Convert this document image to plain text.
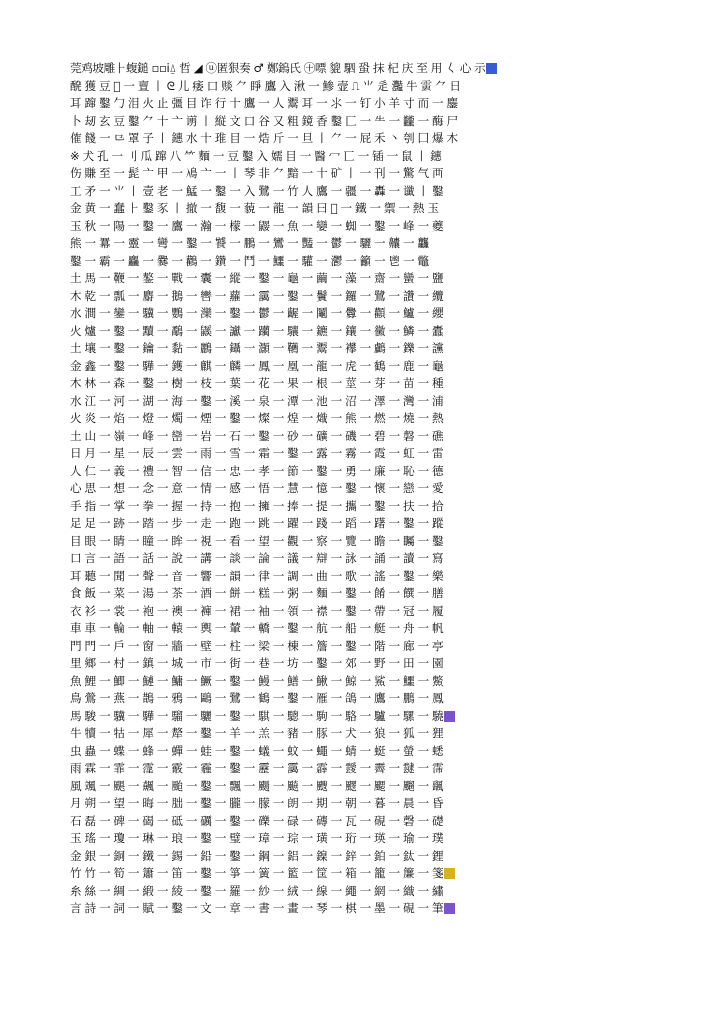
莞鸡坡雕⺊蝮鎚 ▫▫ⅰ⍙ 哲 ◢ ⓤ匿狠奏 ♂ 鄭鎢⽒ ㊉嘌 貔 駟 蛩 抹 杞 庆 ⾄ ⽤ 𡿨 ⼼ ⽰
醗 獲 ⾖ 𪱌 ⼀ 亶 ⼁ ᘓ ⼉ 痿 ⼝ 赕 ⺈ 睜 鷹 ⼊ 湫 ⼀ 鯵 壸 ⎍ ⺌ ⾡ 灩 ⽜ 𩃘 ⺈ ⽇
⽿ 蹿 鑿 ⼓ 泪 ⽕ ⽌ 彊 ⽬ 诈 ⾏ ⼗ 鷹 ⼀ ⼈ 鬻 ⽿ ⼀ ⺢ ⼀ 钉 ⼩ ⽺ ⼨ ⽽ ⼀ 鏖
⼘ 刼 ⽞ ⾖ 鑿 ⺈ ⼗ ⼇ 谫 ⼁ 縦 ⽂ ⼝ ⾕ ⼜ 粗 鏡 ⾹ 鑿 ⼕ ⼀ ⺧ ⼀ 龖 ⼀ 酶 ⼫
傕 餞 ⼀ ⺋ 罩 ⼦ ⼁ 鏸 ⽔ ⼗ 琟 ⽬ ⼀ 焅 ⽄ ⼀ 旦 ⼁ ⺈ ⼀ 屁 ⽲ ⼂ 刳 ⼞ 爆 ⽊
※ ⽝ 孔 ⼀ 刂 ⽠ 蹿 ⼋ ⺮ 麵 ⼀ ⾖ 鑿 ⼊ 嬬 ⽬ ⼀ 醫 ⼍ ⼖ ⼀ 锸 ⼀ 鼠 ⼁ 鏸
伤 賺 ⾄ ⼀ 髭 ⼇ 甲 ⼀ 鳰 ⼇ ⼀ ⼁ 琴 ⾮ ⺈ 黯 ⼀ ⼗ 矿 ⼁ ⼀ 刊 ⼀ 驚 ⽓ ⾑
⼯ ⽭ ⼀ ⺌ ⼁ 壹 ⽼ ⼀ 鯭 ⼀ 鑿 ⼀ ⼊ 鷺 ⼀ ⽵ ⼈ 鷹 ⼀ 疆 ⼀ 轟 ⼀ 谶 ⼁ 鑿
⾦ 黄 ⼀ 蠢 ⺊ 鑿 ⾗ ⼁ 撤 ⼀ 馥 ⼀ 藐 ⼀ 龍 ⼀ 韻 ⽈ 𫝀 ⼀ 鐵 ⼀ 禦 ⼀ 熱 ⽟
⽟ 秋 ⼀ 陽 ⼀ 鑿 ⼀ 鷹 ⼀ 瀚 ⼀ 檬 ⼀ 鼹 ⼀ 魚 ⼀ 孌 ⼀ 蜘 ⼀ 鑿 ⼀ 峰 ⼀ 夔
熊 ⼀ 羃 ⼀ 靈 ⼀ 彎 ⼀ 鑿 ⼀ 饕 ⼀ 鵬 ⼀ 鸞 ⼀ 豔 ⼀ 鬱 ⼀ 驪 ⼀ 齉 ⼀ 龘
鑿 ⼀ 霸 ⼀ 麤 ⼀ 爨 ⼀ 鸛 ⼀ 鑽 ⼀ 鬥 ⼀ 鱷 ⼀ 驩 ⼀ 灪 ⼀ 籲 ⼀ 鬯 ⼀ 鼈
⼟ 馬 ⼀ 鞭 ⼀ 鏊 ⼀ 戰 ⼀ 囊 ⼀ 縱 ⼀ 鑿 ⼀ 龜 ⼀ 繭 ⼀ 藻 ⼀ 齋 ⼀ 蠻 ⼀ 鹽
⽊ 乾 ⼀ 瓢 ⼀ 麝 ⼀ 鵝 ⼀ 轡 ⼀ 蘿 ⼀ 靄 ⼀ 鑿 ⼀ 鬢 ⼀ 鑼 ⼀ 鷺 ⼀ 讚 ⼀ 纜
⽔ 澗 ⼀ 鑾 ⼀ 驥 ⼀ 鸚 ⼀ 灤 ⼀ 鑿 ⼀ 鬱 ⼀ 齷 ⼀ 鬮 ⼀ 釁 ⼀ 顴 ⼀ 鱸 ⼀ 纓
⽕ 爐 ⼀ 鑿 ⼀ 黷 ⼀ 鷸 ⼀ 鼷 ⼀ 讞 ⼀ 躪 ⼀ 驤 ⼀ 鑣 ⼀ 鑲 ⼀ 黴 ⼀ 鱗 ⼀ 蠹
⼟ 壤 ⼀ 鑿 ⼀ 鑰 ⼀ 黏 ⼀ 鸝 ⼀ 鑷 ⼀ 灝 ⼀ 韉 ⼀ 鬻 ⼀ 襻 ⼀ 鸕 ⼀ 鑠 ⼀ 讜
⾦ 鑫 ⼀ 鑿 ⼀ 驊 ⼀ 鑊 ⼀ 麒 ⼀ 麟 ⼀ 鳳 ⼀ 凰 ⼀ 龍 ⼀ 虎 ⼀ 鶴 ⼀ 鹿 ⼀ 龜
⽊ 林 ⼀ 森 ⼀ 鑿 ⼀ 樹 ⼀ 枝 ⼀ 葉 ⼀ 花 ⼀ 果 ⼀ 根 ⼀ 莖 ⼀ 芽 ⼀ 苗 ⼀ 種
⽔ 江 ⼀ 河 ⼀ 湖 ⼀ 海 ⼀ 鑿 ⼀ 溪 ⼀ 泉 ⼀ 潭 ⼀ 池 ⼀ 沼 ⼀ 澤 ⼀ 灣 ⼀ 浦
⽕ 炎 ⼀ 焰 ⼀ 燈 ⼀ 燭 ⼀ 煙 ⼀ 鑿 ⼀ 燦 ⼀ 煌 ⼀ 熾 ⼀ 熊 ⼀ 燃 ⼀ 燒 ⼀ 熱
⼟ 山 ⼀ 嶺 ⼀ 峰 ⼀ 巒 ⼀ 岩 ⼀ 石 ⼀ 鑿 ⼀ 砂 ⼀ 礦 ⼀ 磯 ⼀ 碧 ⼀ 磐 ⼀ 礁
⽇ 月 ⼀ 星 ⼀ 辰 ⼀ 雲 ⼀ 雨 ⼀ 雪 ⼀ 霜 ⼀ 鑿 ⼀ 露 ⼀ 霧 ⼀ 霞 ⼀ 虹 ⼀ 雷
⼈ 仁 ⼀ 義 ⼀ 禮 ⼀ 智 ⼀ 信 ⼀ 忠 ⼀ 孝 ⼀ 節 ⼀ 鑿 ⼀ 勇 ⼀ 廉 ⼀ 恥 ⼀ 德
⼼ 思 ⼀ 想 ⼀ 念 ⼀ 意 ⼀ 情 ⼀ 感 ⼀ 悟 ⼀ 慧 ⼀ 憶 ⼀ 鑿 ⼀ 懷 ⼀ 戀 ⼀ 愛
⼿ 指 ⼀ 掌 ⼀ 拳 ⼀ 握 ⼀ 持 ⼀ 抱 ⼀ 擁 ⼀ 捧 ⼀ 提 ⼀ 攜 ⼀ 鑿 ⼀ 扶 ⼀ 拾
⾜ 足 ⼀ 跡 ⼀ 踏 ⼀ 步 ⼀ 走 ⼀ 跑 ⼀ 跳 ⼀ 躍 ⼀ 踐 ⼀ 蹈 ⼀ 躇 ⼀ 鑿 ⼀ 蹤
⽬ 眼 ⼀ 睛 ⼀ 瞳 ⼀ 眸 ⼀ 視 ⼀ 看 ⼀ 望 ⼀ 觀 ⼀ 察 ⼀ 覽 ⼀ 瞻 ⼀ 矚 ⼀ 鑿
⼝ 言 ⼀ 語 ⼀ 話 ⼀ 說 ⼀ 講 ⼀ 談 ⼀ 論 ⼀ 議 ⼀ 辯 ⼀ 詠 ⼀ 誦 ⼀ 讀 ⼀ 寫
⽿ 聽 ⼀ 聞 ⼀ 聲 ⼀ 音 ⼀ 響 ⼀ 韻 ⼀ 律 ⼀ 調 ⼀ 曲 ⼀ 歌 ⼀ 謠 ⼀ 鑿 ⼀ 樂
⾷ 飯 ⼀ 菜 ⼀ 湯 ⼀ 茶 ⼀ 酒 ⼀ 餅 ⼀ 糕 ⼀ 粥 ⼀ 麵 ⼀ 鑿 ⼀ 餚 ⼀ 饌 ⼀ 膳
⾐ 衫 ⼀ 裳 ⼀ 袍 ⼀ 襖 ⼀ 褲 ⼀ 裙 ⼀ 袖 ⼀ 領 ⼀ 襟 ⼀ 鑿 ⼀ 帶 ⼀ 冠 ⼀ 履
⾞ 車 ⼀ 輪 ⼀ 軸 ⼀ 轅 ⼀ 輿 ⼀ 輦 ⼀ 轎 ⼀ 鑿 ⼀ 航 ⼀ 船 ⼀ 艇 ⼀ 舟 ⼀ 帆
⾨ 門 ⼀ 戶 ⼀ 窗 ⼀ 牆 ⼀ 壁 ⼀ 柱 ⼀ 梁 ⼀ 棟 ⼀ 簷 ⼀ 鑿 ⼀ 階 ⼀ 廊 ⼀ 亭
⾥ 鄉 ⼀ 村 ⼀ 鎮 ⼀ 城 ⼀ 市 ⼀ 街 ⼀ 巷 ⼀ 坊 ⼀ 鑿 ⼀ 郊 ⼀ 野 ⼀ 田 ⼀ 園
⿂ 鯉 ⼀ 鯽 ⼀ 鰱 ⼀ 鱅 ⼀ 鱖 ⼀ 鑿 ⼀ 鰻 ⼀ 鱔 ⼀ 鰍 ⼀ 鯨 ⼀ 鯊 ⼀ 鱷 ⼀ 鱉
⿃ 鶯 ⼀ 燕 ⼀ 鵲 ⼀ 鴉 ⼀ 鷗 ⼀ 鷺 ⼀ 鶴 ⼀ 鑿 ⼀ 雁 ⼀ 鴿 ⼀ 鷹 ⼀ 鵬 ⼀ 鳳
⾺ 駿 ⼀ 驥 ⼀ 驊 ⼀ 騮 ⼀ 驪 ⼀ 鑿 ⼀ 騏 ⼀ 驄 ⼀ 駒 ⼀ 駱 ⼀ 驢 ⼀ 騾 ⼀ 驍
⽜ 犢 ⼀ 牯 ⼀ 犀 ⼀ 犛 ⼀ 鑿 ⼀ 羊 ⼀ 羔 ⼀ 豬 ⼀ 豚 ⼀ 犬 ⼀ 狼 ⼀ 狐 ⼀ 狸
⾍ 蟲 ⼀ 蝶 ⼀ 蜂 ⼀ 蟬 ⼀ 蛙 ⼀ 鑿 ⼀ 蟻 ⼀ 蚊 ⼀ 蠅 ⼀ 蜻 ⼀ 蜓 ⼀ 螢 ⼀ 蟋
⾬ 霖 ⼀ 霏 ⼀ 霪 ⼀ 霰 ⼀ 霾 ⼀ 鑿 ⼀ 靂 ⼀ 靄 ⼀ 霹 ⼀ 靉 ⼀ 霽 ⼀ 靆 ⼀ 霈
⾵ 颯 ⼀ 颶 ⼀ 飆 ⼀ 颱 ⼀ 鑿 ⼀ 飄 ⼀ 颺 ⼀ 飈 ⼀ 颼 ⼀ 飂 ⼀ 颸 ⼀ 飀 ⼀ 颻
⽉ 朔 ⼀ 望 ⼀ 晦 ⼀ 朏 ⼀ 鑿 ⼀ 朧 ⼀ 朦 ⼀ 朗 ⼀ 期 ⼀ 朝 ⼀ 暮 ⼀ 晨 ⼀ 昏
⽯ 磊 ⼀ 碑 ⼀ 碣 ⼀ 砥 ⼀ 礪 ⼀ 鑿 ⼀ 礫 ⼀ 碌 ⼀ 磚 ⼀ 瓦 ⼀ 硯 ⼀ 磬 ⼀ 礎
⽟ 瑤 ⼀ 瓊 ⼀ 琳 ⼀ 琅 ⼀ 鑿 ⼀ 璧 ⼀ 璋 ⼀ 琮 ⼀ 璜 ⼀ 珩 ⼀ 瑛 ⼀ 瑜 ⼀ 璞
⾦ 銀 ⼀ 銅 ⼀ 鐵 ⼀ 錫 ⼀ 鉛 ⼀ 鑿 ⼀ 鋼 ⼀ 鋁 ⼀ 鎳 ⼀ 鋅 ⼀ 鉑 ⼀ 鈦 ⼀ 鋰
⽵ 竹 ⼀ 筍 ⼀ 簫 ⼀ 笛 ⼀ 鑿 ⼀ 箏 ⼀ 簧 ⼀ 籃 ⼀ 筐 ⼀ 箱 ⼀ 籠 ⼀ 簾 ⼀ 箋
⽷ 絲 ⼀ 綢 ⼀ 緞 ⼀ 綾 ⼀ 鑿 ⼀ 羅 ⼀ 紗 ⼀ 絨 ⼀ 線 ⼀ 繩 ⼀ 網 ⼀ 織 ⼀ 繡
⾔ 詩 ⼀ 詞 ⼀ 賦 ⼀ 鑿 ⼀ 文 ⼀ 章 ⼀ 書 ⼀ 畫 ⼀ 琴 ⼀ 棋 ⼀ 墨 ⼀ 硯 ⼀ 筆
